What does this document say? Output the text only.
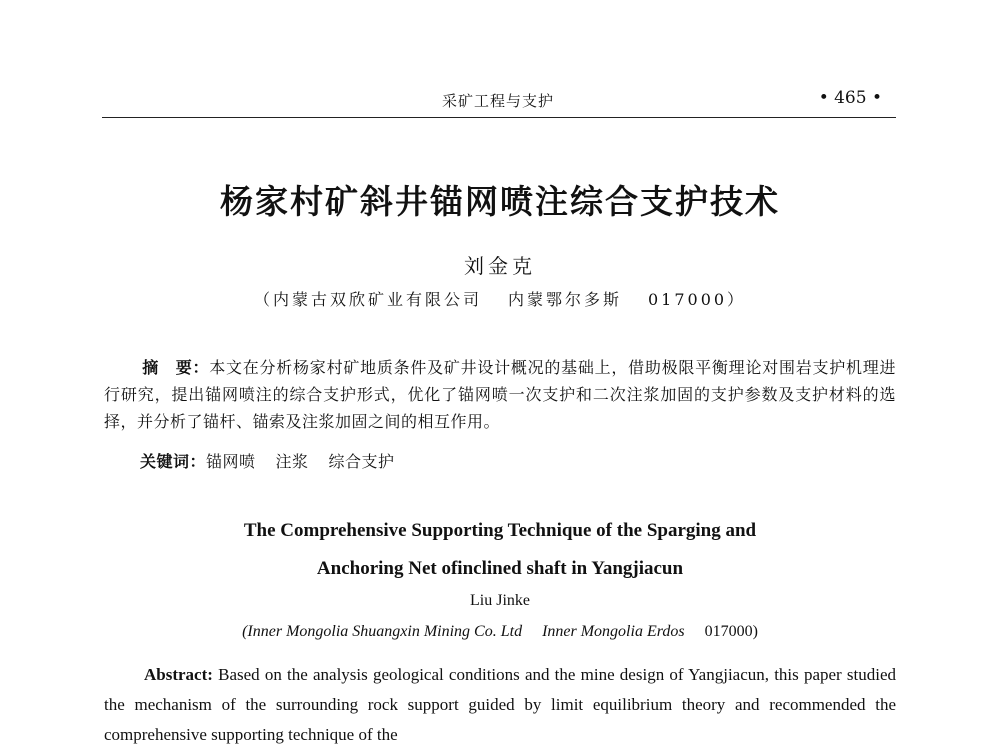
采矿工程与支护	• 465 •
杨家村矿斜井锚网喷注综合支护技术
刘金克
（内蒙古双欣矿业有限公司 内蒙鄂尔多斯 017000）
摘　要：本文在分析杨家村矿地质条件及矿井设计概况的基础上，借助极限平衡理论对围岩支护机理进行研究，提出锚网喷注的综合支护形式，优化了锚网喷一次支护和二次注浆加固的支护参数及支护材料的选择，并分析了锚杆、锚索及注浆加固之间的相互作用。
关键词：锚网喷 注浆 综合支护
The Comprehensive Supporting Technique of the Sparging and
Anchoring Net ofinclined shaft in Yangjiacun
Liu Jinke
(Inner Mongolia Shuangxin Mining Co. Ltd Inner Mongolia Erdos 017000)
Abstract: Based on the analysis geological conditions and the mine design of Yangjiacun, this paper studied the mechanism of the surrounding rock support guided by limit equilibrium theory and recommended the comprehensive supporting technique of the
